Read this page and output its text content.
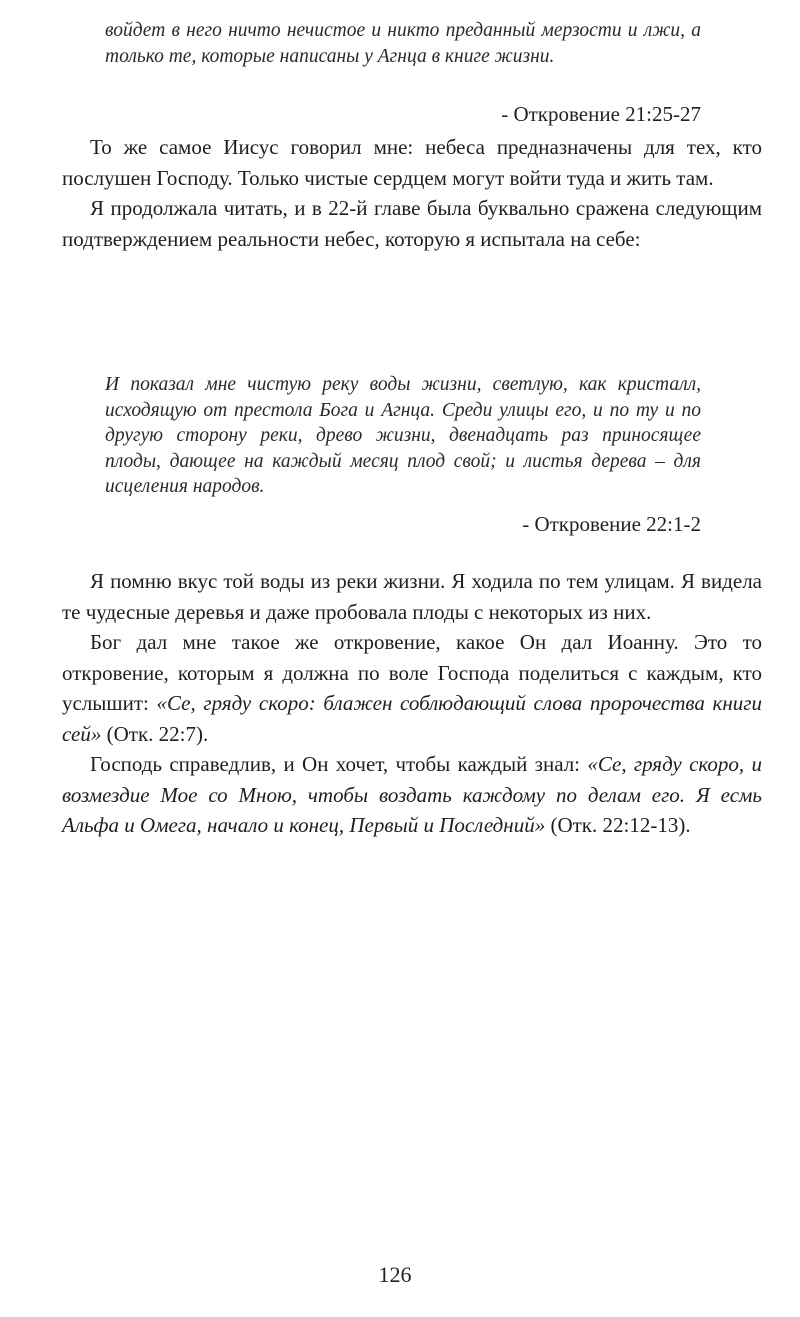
войдет в него ничто нечистое и никто преданный мерзости и лжи, а только те, которые написаны у Агнца в книге жизни.
- Откровение 21:25-27

То же самое Иисус говорил мне: небеса предназначены для тех, кто послушен Господу. Только чистые сердцем могут войти туда и жить там.

Я продолжала читать, и в 22-й главе была буквально сражена следующим подтверждением реальности небес, которую я испытала на себе:

И показал мне чистую реку воды жизни, светлую, как кристалл, исходящую от престола Бога и Агнца. Среди улицы его, и по ту и по другую сторону реки, древо жизни, двенадцать раз приносящее плоды, дающее на каждый месяц плод свой; и листья дерева – для исцеления народов.
- Откровение 22:1-2

Я помню вкус той воды из реки жизни. Я ходила по тем улицам. Я видела те чудесные деревья и даже пробовала плоды с некоторых из них.

Бог дал мне такое же откровение, какое Он дал Иоанну. Это то откровение, которым я должна по воле Господа поделиться с каждым, кто услышит: «Се, гряду скоро: блажен соблюдающий слова пророчества книги сей» (Отк. 22:7).

Господь справедлив, и Он хочет, чтобы каждый знал: «Се, гряду скоро, и возмездие Мое со Мною, чтобы воздать каждому по делам его. Я есмь Альфа и Омега, начало и конец, Первый и Последний» (Отк. 22:12-13).

126
